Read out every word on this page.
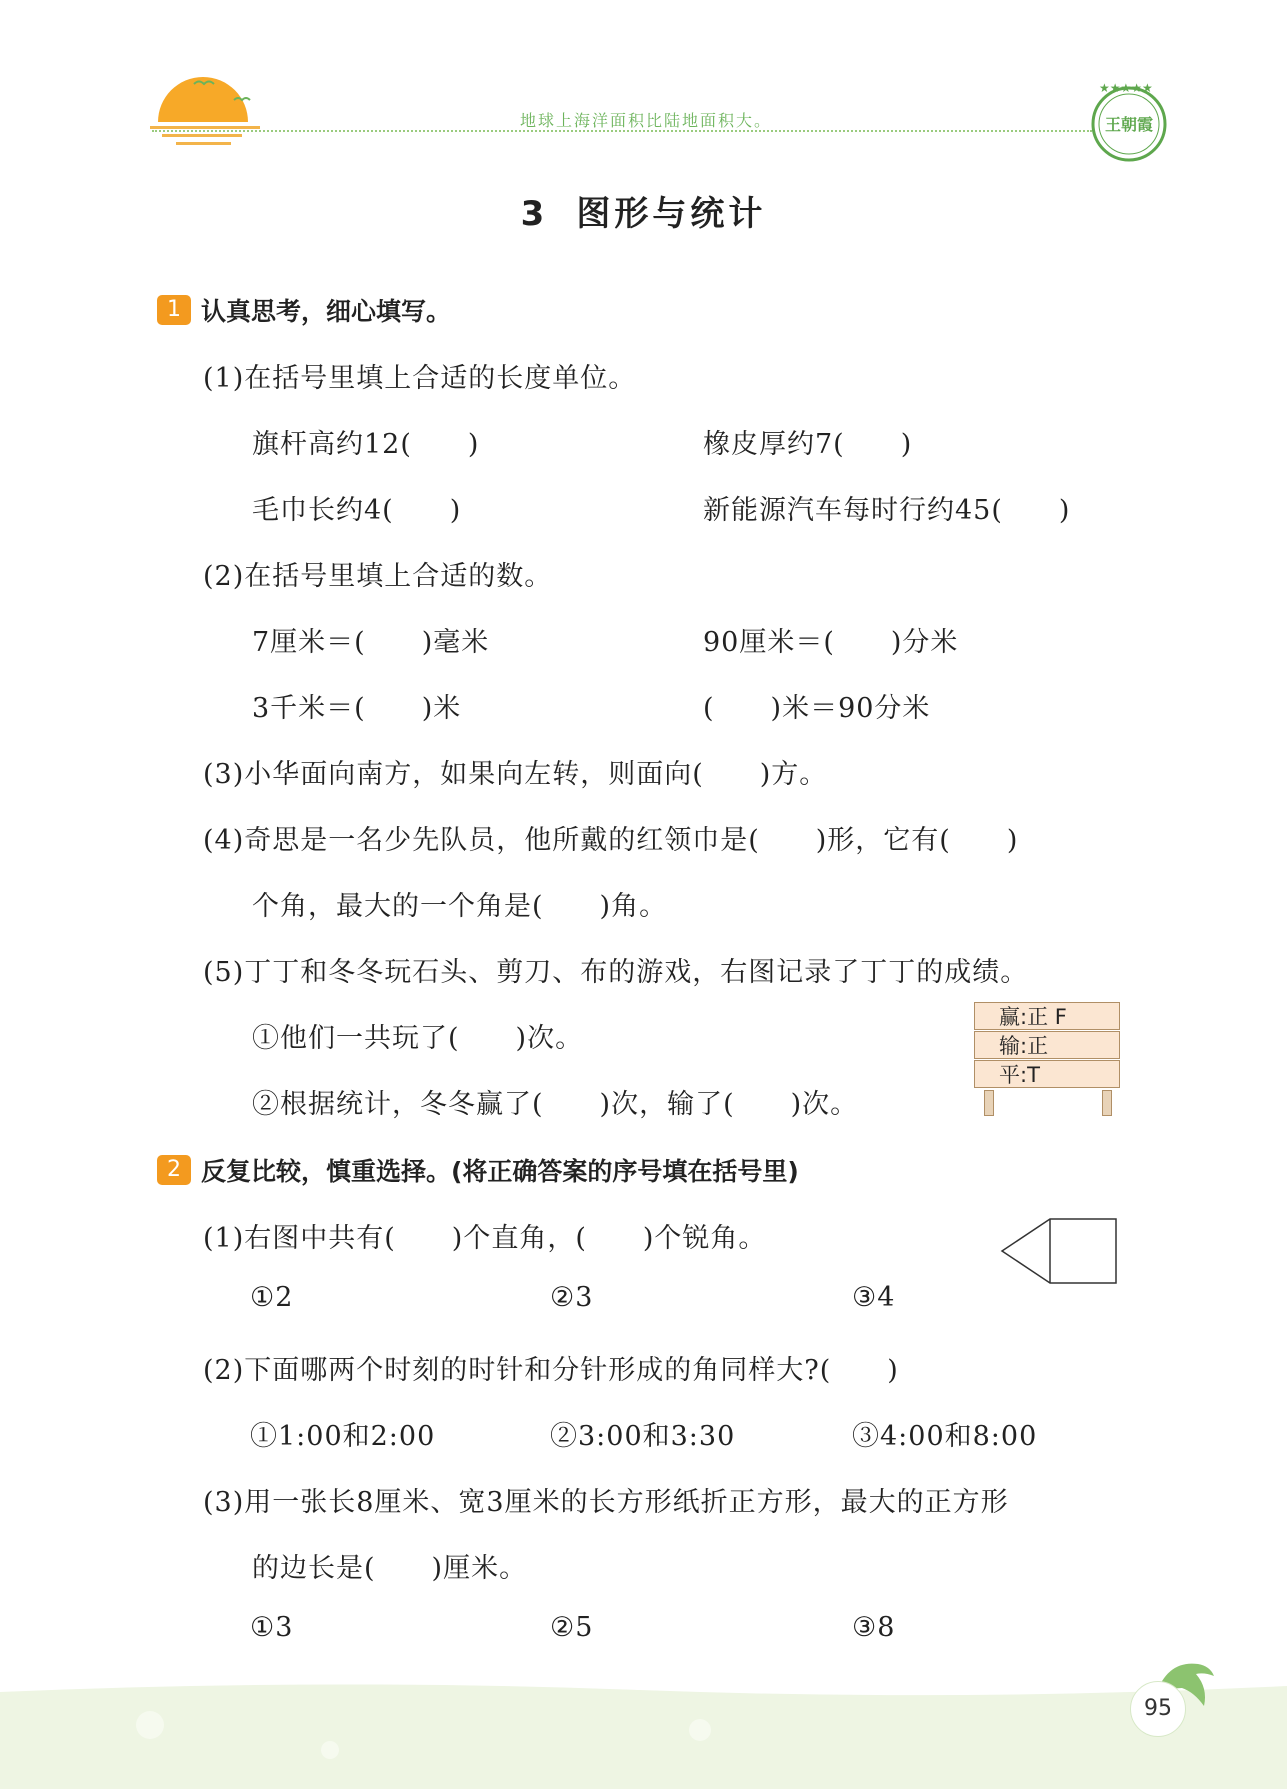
地球上海洋面积比陆地面积大。
★★★★★
王朝霞
3 图形与统计
1 认真思考，细心填写。
(1)在括号里填上合适的长度单位。
旗杆高约12(　　)	橡皮厚约7(　　)
毛巾长约4(　　)	新能源汽车每时行约45(　　)
(2)在括号里填上合适的数。
7厘米＝(　　)毫米	90厘米＝(　　)分米
3千米＝(　　)米	(　　)米＝90分米
(3)小华面向南方，如果向左转，则面向(　　)方。
(4)奇思是一名少先队员，他所戴的红领巾是(　　)形，它有(　　)
个角，最大的一个角是(　　)角。
(5)丁丁和冬冬玩石头、剪刀、布的游戏，右图记录了丁丁的成绩。
①他们一共玩了(　　)次。
②根据统计，冬冬赢了(　　)次，输了(　　)次。
赢:正 F
输:正
平:T
2 反复比较，慎重选择。(将正确答案的序号填在括号里)
(1)右图中共有(　　)个直角，(　　)个锐角。
①2	②3	③4
(2)下面哪两个时刻的时针和分针形成的角同样大?(　　)
①1:00和2:00	②3:00和3:30	③4:00和8:00
(3)用一张长8厘米、宽3厘米的长方形纸折正方形，最大的正方形
的边长是(　　)厘米。
①3	②5	③8
95
